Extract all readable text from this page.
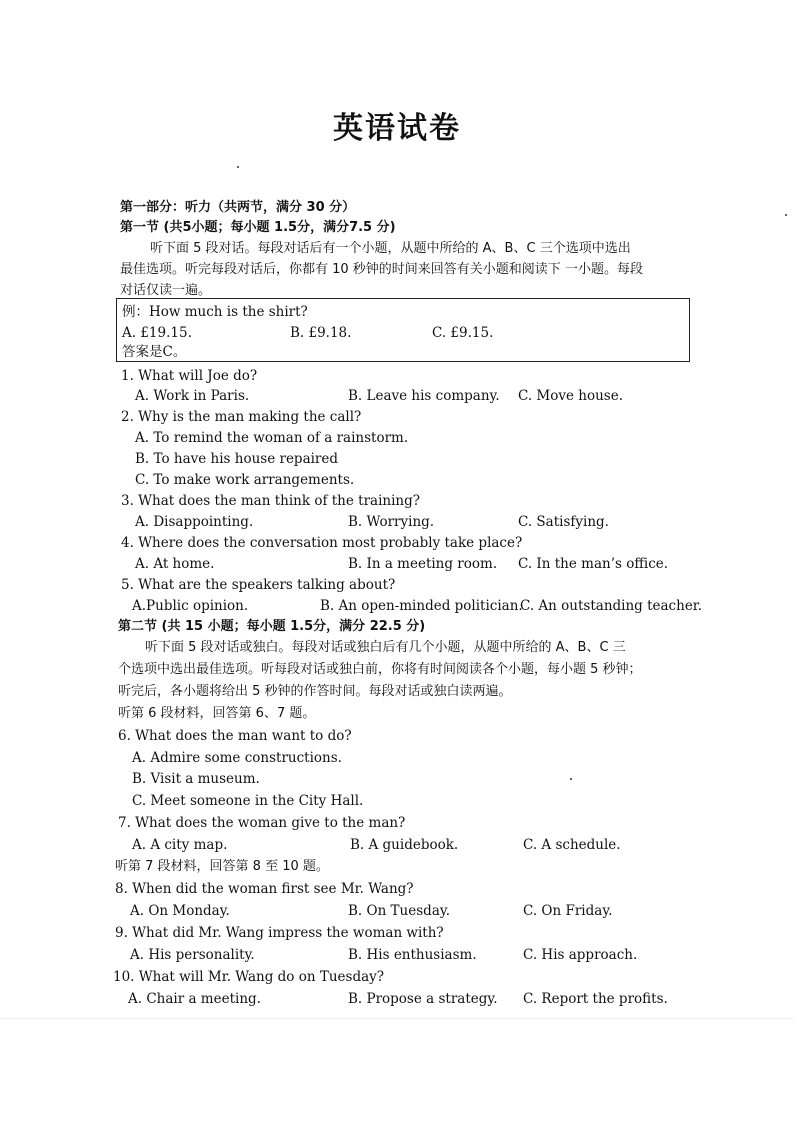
英语试卷
第一部分：听力（共两节，满分 30 分）
第一节 (共5小题；每小题 1.5分，满分7.5 分)
听下面 5 段对话。每段对话后有一个小题，从题中所给的 A、B、C 三个选项中选出
最佳选项。听完每段对话后，你都有 10 秒钟的时间来回答有关小题和阅读下 一小题。每段
对话仅读一遍。
例：How much is the shirt?
A. £19.15.	B. £9.18.	C. £9.15.
答案是C。
1. What will Joe do?
A. Work in Paris.	B. Leave his company. C. Move house.
2. Why is the man making the call?
A. To remind the woman of a rainstorm.
B. To have his house repaired
C. To make work arrangements.
3. What does the man think of the training?
A. Disappointing.	B. Worrying.	C. Satisfying.
4. Where does the conversation most probably take place?
A. At home.	B. In a meeting room. C. In the man’s office.
5. What are the speakers talking about?
A.Public opinion.	B. An open-minded politician.
C. An outstanding teacher.
第二节 (共 15 小题；每小题 1.5分，满分 22.5 分)
听下面 5 段对话或独白。每段对话或独白后有几个小题，从题中所给的 A、B、C 三
个选项中选出最佳选项。听每段对话或独白前，你将有时间阅读各个小题，每小题 5 秒钟；
听完后，各小题将给出 5 秒钟的作答时间。每段对话或独白读两遍。
听第 6 段材料，回答第 6、7 题。
6. What does the man want to do?
A. Admire some constructions.
B. Visit a museum.
C. Meet someone in the City Hall.
7. What does the woman give to the man?
A. A city map.	B. A guidebook.	C. A schedule.
听第 7 段材料，回答第 8 至 10 题。
8. When did the woman first see Mr. Wang?
A. On Monday.	B. On Tuesday.	C. On Friday.
9. What did Mr. Wang impress the woman with?
A. His personality.	B. His enthusiasm.	C. His approach.
10. What will Mr. Wang do on Tuesday?
A. Chair a meeting.	B. Propose a strategy. C. Report the profits.
